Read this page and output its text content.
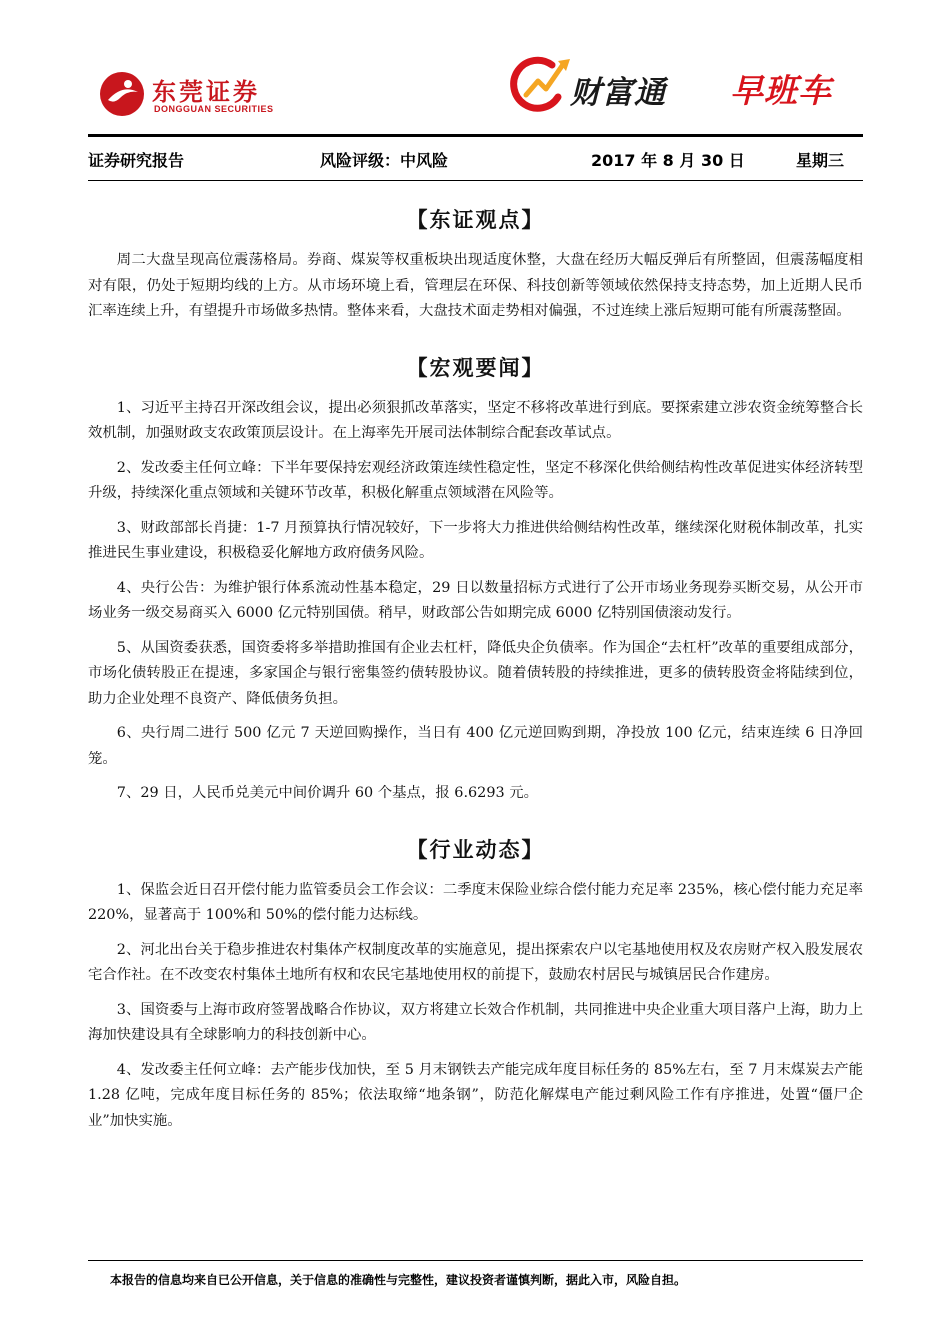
东莞证券
DONGGUAN SECURITIES	财富通 早班车
证券研究报告	风险评级：中风险	2017 年 8 月 30 日	星期三
【东证观点】

周二大盘呈现高位震荡格局。券商、煤炭等权重板块出现适度休整，大盘在经历大幅反弹后有所整固，但震荡幅度相对有限，仍处于短期均线的上方。从市场环境上看，管理层在环保、科技创新等领域依然保持支持态势，加上近期人民币汇率连续上升，有望提升市场做多热情。整体来看，大盘技术面走势相对偏强，不过连续上涨后短期可能有所震荡整固。

【宏观要闻】

1、习近平主持召开深改组会议，提出必须狠抓改革落实，坚定不移将改革进行到底。要探索建立涉农资金统筹整合长效机制，加强财政支农政策顶层设计。在上海率先开展司法体制综合配套改革试点。

2、发改委主任何立峰：下半年要保持宏观经济政策连续性稳定性，坚定不移深化供给侧结构性改革促进实体经济转型升级，持续深化重点领域和关键环节改革，积极化解重点领域潜在风险等。

3、财政部部长肖捷：1-7 月预算执行情况较好，下一步将大力推进供给侧结构性改革，继续深化财税体制改革，扎实推进民生事业建设，积极稳妥化解地方政府债务风险。

4、央行公告：为维护银行体系流动性基本稳定，29 日以数量招标方式进行了公开市场业务现券买断交易，从公开市场业务一级交易商买入 6000 亿元特别国债。稍早，财政部公告如期完成 6000 亿特别国债滚动发行。

5、从国资委获悉，国资委将多举措助推国有企业去杠杆，降低央企负债率。作为国企“去杠杆”改革的重要组成部分，市场化债转股正在提速，多家国企与银行密集签约债转股协议。随着债转股的持续推进，更多的债转股资金将陆续到位，助力企业处理不良资产、降低债务负担。

6、央行周二进行 500 亿元 7 天逆回购操作，当日有 400 亿元逆回购到期，净投放 100 亿元，结束连续 6 日净回笼。

7、29 日，人民币兑美元中间价调升 60 个基点，报 6.6293 元。

【行业动态】

1、保监会近日召开偿付能力监管委员会工作会议：二季度末保险业综合偿付能力充足率 235%，核心偿付能力充足率 220%，显著高于 100%和 50%的偿付能力达标线。

2、河北出台关于稳步推进农村集体产权制度改革的实施意见，提出探索农户以宅基地使用权及农房财产权入股发展农宅合作社。在不改变农村集体土地所有权和农民宅基地使用权的前提下，鼓励农村居民与城镇居民合作建房。

3、国资委与上海市政府签署战略合作协议，双方将建立长效合作机制，共同推进中央企业重大项目落户上海，助力上海加快建设具有全球影响力的科技创新中心。

4、发改委主任何立峰：去产能步伐加快，至 5 月末钢铁去产能完成年度目标任务的 85%左右，至 7 月末煤炭去产能 1.28 亿吨，完成年度目标任务的 85%；依法取缔“地条钢”，防范化解煤电产能过剩风险工作有序推进，处置“僵尸企业”加快实施。

本报告的信息均来自已公开信息，关于信息的准确性与完整性，建议投资者谨慎判断，据此入市，风险自担。
